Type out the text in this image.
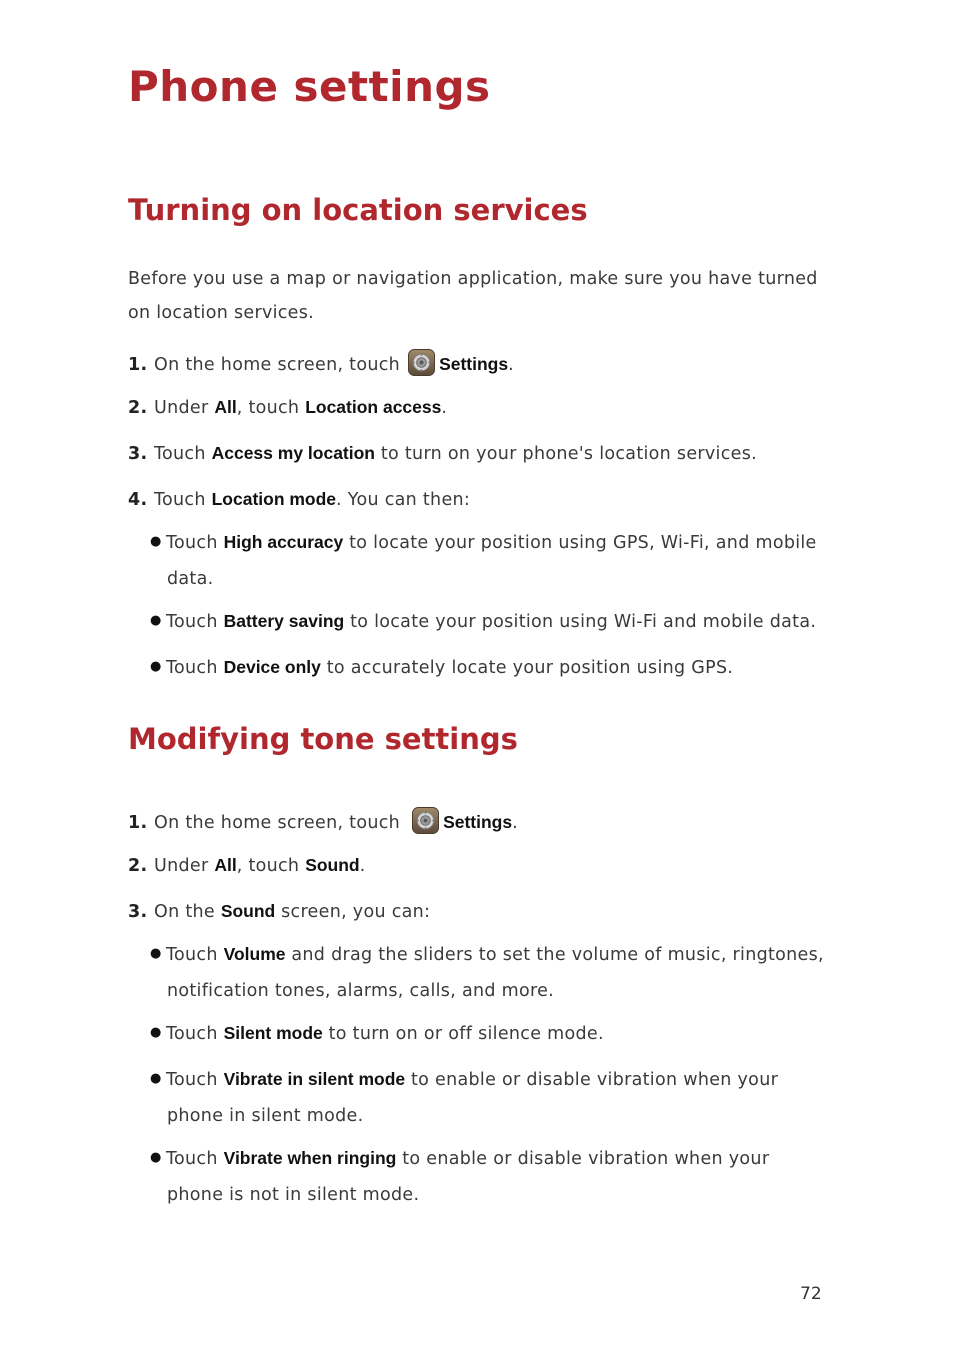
Phone settings
Turning on location services

Before you use a map or navigation application, make sure you have turned
on location services.

1. On the home screen, touch Settings.

2. Under All, touch Location access.

3. Touch Access my location to turn on your phone's location services.

4. Touch Location mode. You can then:

● Touch High accuracy to locate your position using GPS, Wi-Fi, and mobile
data.
● Touch Battery saving to locate your position using Wi-Fi and mobile data.
● Touch Device only to accurately locate your position using GPS.
Modifying tone settings

1. On the home screen, touch Settings.

2. Under All, touch Sound.

3. On the Sound screen, you can:

● Touch Volume and drag the sliders to set the volume of music, ringtones,
notification tones, alarms, calls, and more.
● Touch Silent mode to turn on or off silence mode.
● Touch Vibrate in silent mode to enable or disable vibration when your
phone in silent mode.
● Touch Vibrate when ringing to enable or disable vibration when your
phone is not in silent mode.
72
